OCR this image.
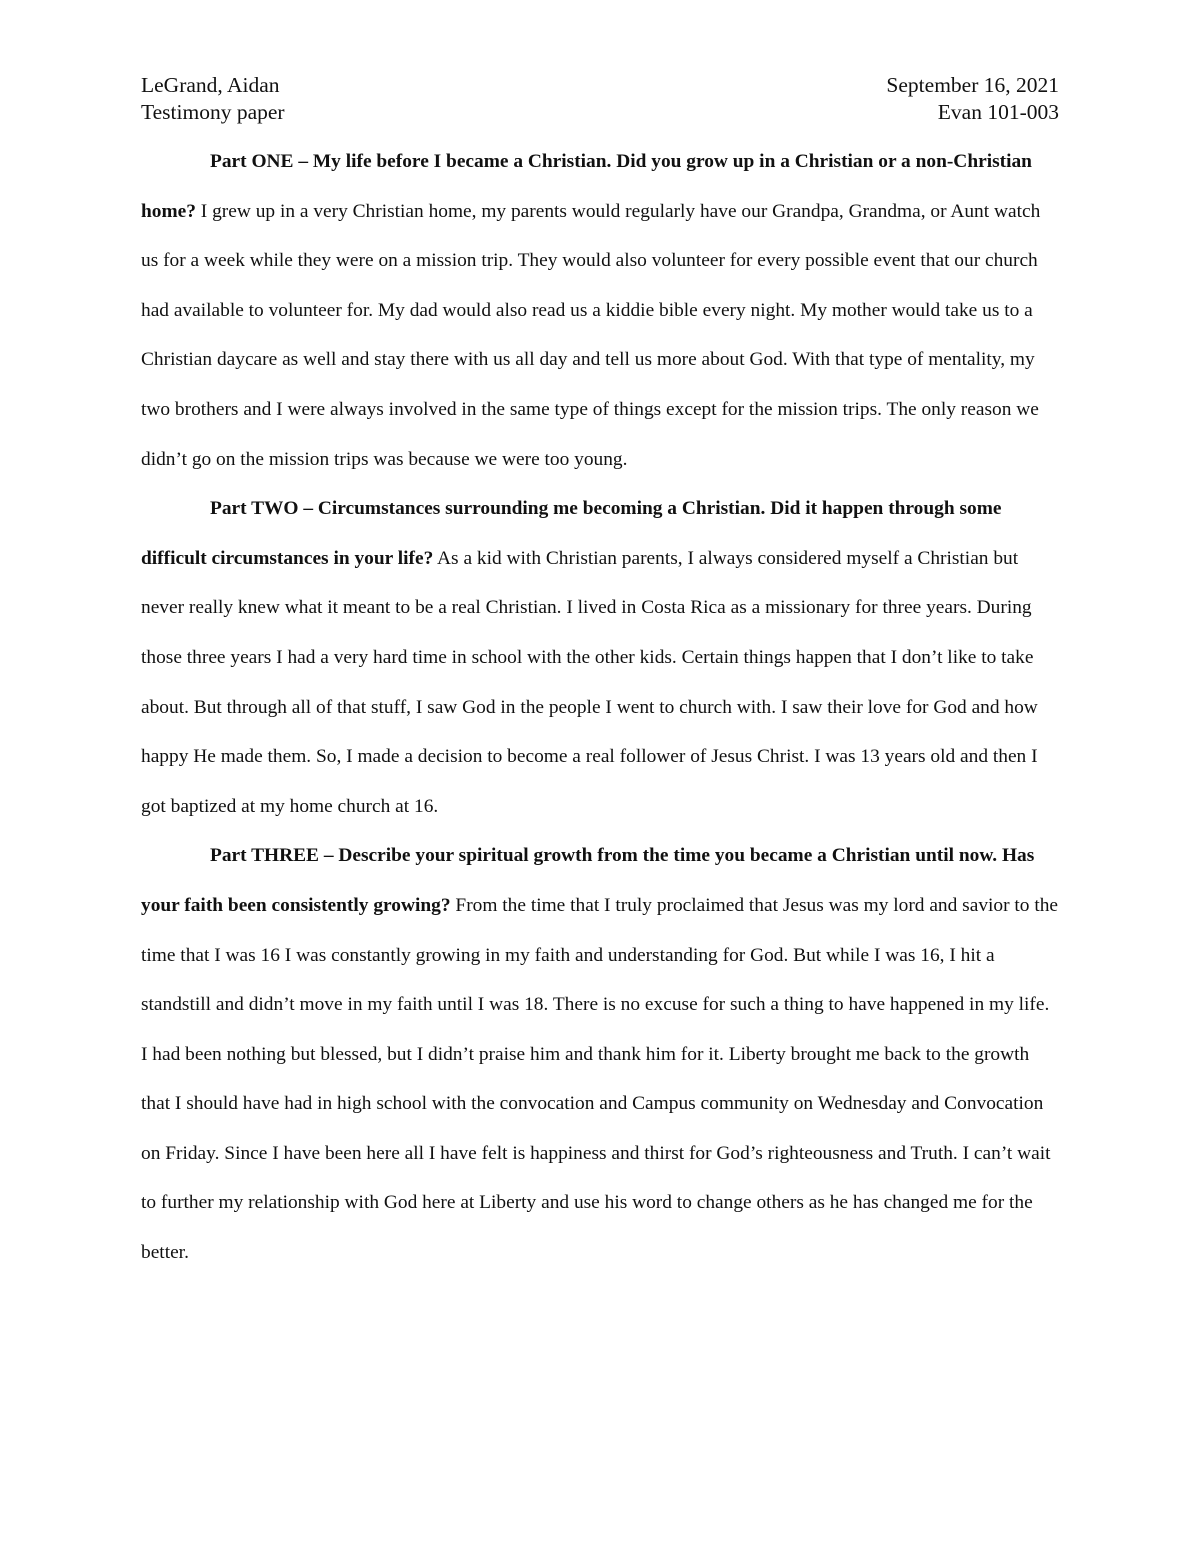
LeGrand, Aidan	September 16, 2021
Testimony paper	Evan 101-003

Part ONE – My life before I became a Christian. Did you grow up in a Christian or a non-Christian home? I grew up in a very Christian home, my parents would regularly have our Grandpa, Grandma, or Aunt watch us for a week while they were on a mission trip. They would also volunteer for every possible event that our church had available to volunteer for. My dad would also read us a kiddie bible every night. My mother would take us to a Christian daycare as well and stay there with us all day and tell us more about God. With that type of mentality, my two brothers and I were always involved in the same type of things except for the mission trips. The only reason we didn’t go on the mission trips was because we were too young.

Part TWO – Circumstances surrounding me becoming a Christian. Did it happen through some difficult circumstances in your life? As a kid with Christian parents, I always considered myself a Christian but never really knew what it meant to be a real Christian. I lived in Costa Rica as a missionary for three years. During those three years I had a very hard time in school with the other kids. Certain things happen that I don’t like to take about. But through all of that stuff, I saw God in the people I went to church with. I saw their love for God and how happy He made them. So, I made a decision to become a real follower of Jesus Christ. I was 13 years old and then I got baptized at my home church at 16.

Part THREE – Describe your spiritual growth from the time you became a Christian until now. Has your faith been consistently growing? From the time that I truly proclaimed that Jesus was my lord and savior to the time that I was 16 I was constantly growing in my faith and understanding for God. But while I was 16, I hit a standstill and didn’t move in my faith until I was 18. There is no excuse for such a thing to have happened in my life. I had been nothing but blessed, but I didn’t praise him and thank him for it. Liberty brought me back to the growth that I should have had in high school with the convocation and Campus community on Wednesday and Convocation on Friday. Since I have been here all I have felt is happiness and thirst for God’s righteousness and Truth. I can’t wait to further my relationship with God here at Liberty and use his word to change others as he has changed me for the better.
